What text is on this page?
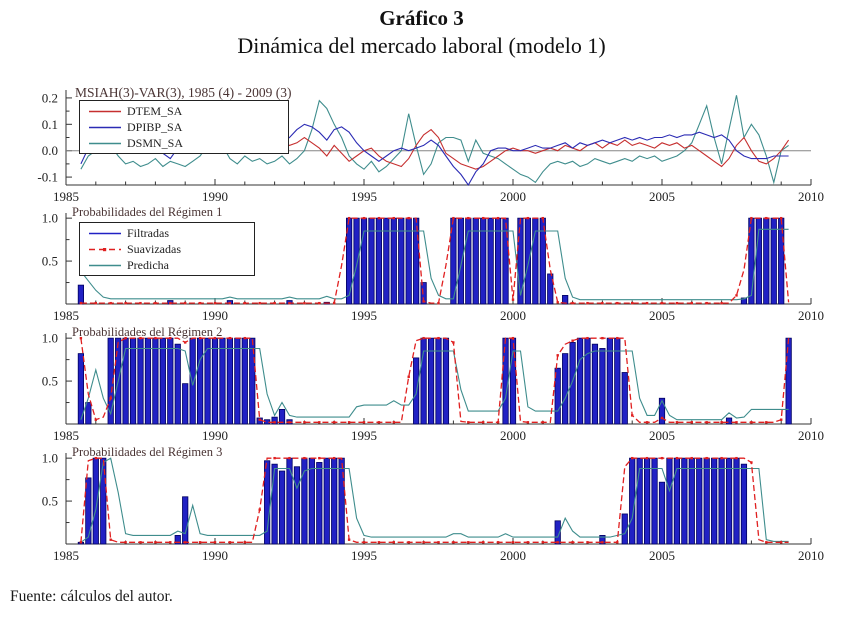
Gráfico 3
Dinámica del mercado laboral (modelo 1)
0.2
0.1
0.0
-0.1
1985	1990	1995	2000	2005	2010
1.0
0.5
1985	1990	1995	2000	2005	2010
1.0
0.5
1985	1990	1995	2000	2005	2010
1.0
0.5
1985	1990	1995	2000	2005	2010
MSIAH(3)-VAR(3), 1985 (4) - 2009 (3)
Probabilidades del Régimen 1
Probabilidades del Régimen 2
Probabilidades del Régimen 3
DTEM_SA
DPIBP_SA
DSMN_SA
Filtradas
Suavizadas
Predicha
Fuente: cálculos del autor.
